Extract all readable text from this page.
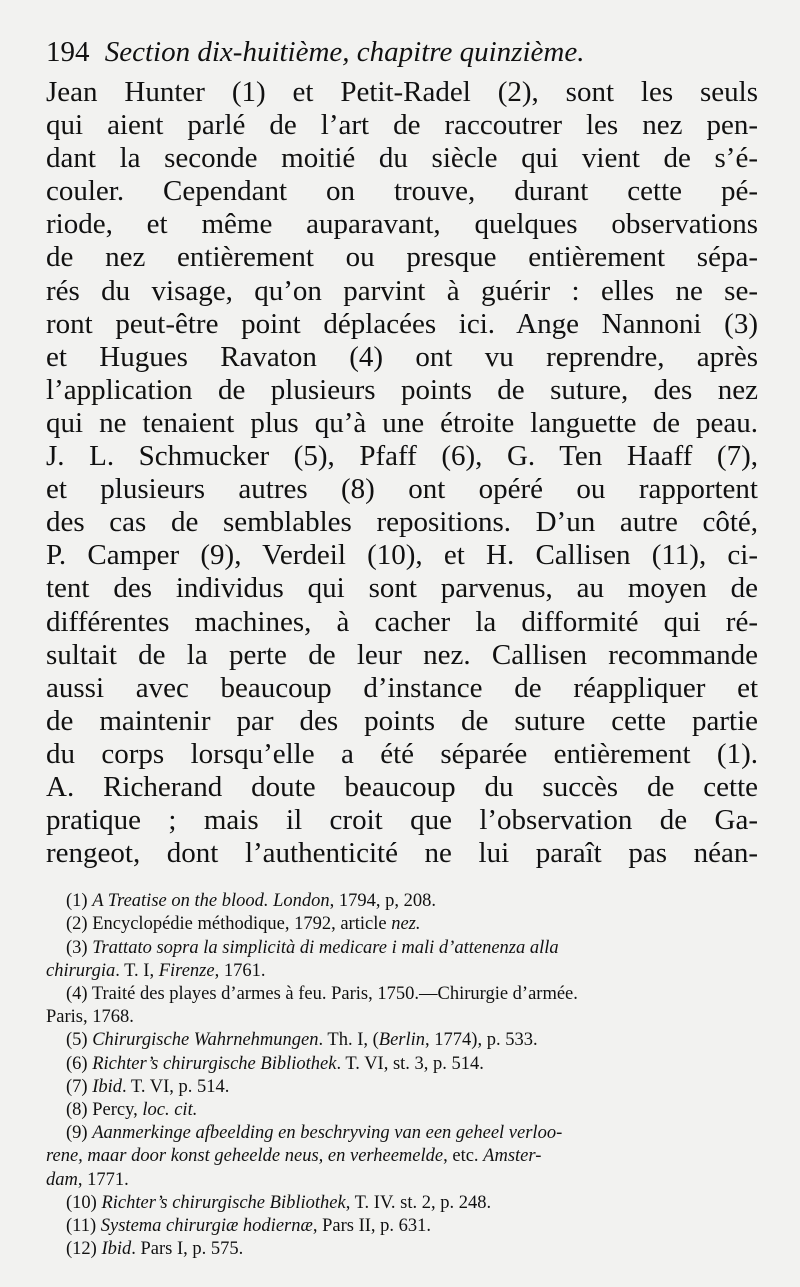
194 Section dix-huitième, chapitre quinzième.
Jean Hunter (1) et Petit-Radel (2), sont les seuls
qui aient parlé de l’art de raccoutrer les nez pen-
dant la seconde moitié du siècle qui vient de s’é-
couler. Cependant on trouve, durant cette pé-
riode, et même auparavant, quelques observations
de nez entièrement ou presque entièrement sépa-
rés du visage, qu’on parvint à guérir : elles ne se-
ront peut-être point déplacées ici. Ange Nannoni (3)
et Hugues Ravaton (4) ont vu reprendre, après
l’application de plusieurs points de suture, des nez
qui ne tenaient plus qu’à une étroite languette de peau.
J. L. Schmucker (5), Pfaff (6), G. Ten Haaff (7),
et plusieurs autres (8) ont opéré ou rapportent
des cas de semblables repositions. D’un autre côté,
P. Camper (9), Verdeil (10), et H. Callisen (11), ci-
tent des individus qui sont parvenus, au moyen de
différentes machines, à cacher la difformité qui ré-
sultait de la perte de leur nez. Callisen recommande
aussi avec beaucoup d’instance de réappliquer et
de maintenir par des points de suture cette partie
du corps lorsqu’elle a été séparée entièrement (1).
A. Richerand doute beaucoup du succès de cette
pratique ; mais il croit que l’observation de Ga-
rengeot, dont l’authenticité ne lui paraît pas néan-
(1) A Treatise on the blood. London, 1794, p, 208.
(2) Encyclopédie méthodique, 1792, article nez.
(3) Trattato sopra la simplicità di medicare i mali d’attenenza alla
chirurgia. T. I, Firenze, 1761.
(4) Traité des playes d’armes à feu. Paris, 1750.—Chirurgie d’armée.
Paris, 1768.
(5) Chirurgische Wahrnehmungen. Th. I, (Berlin, 1774), p. 533.
(6) Richter’s chirurgische Bibliothek. T. VI, st. 3, p. 514.
(7) Ibid. T. VI, p. 514.
(8) Percy, loc. cit.
(9) Aanmerkinge afbeelding en beschryving van een geheel verloo-
rene, maar door konst geheelde neus, en verheemelde, etc. Amster-
dam, 1771.
(10) Richter’s chirurgische Bibliothek, T. IV. st. 2, p. 248.
(11) Systema chirurgiæ hodiernæ, Pars II, p. 631.
(12) Ibid. Pars I, p. 575.
